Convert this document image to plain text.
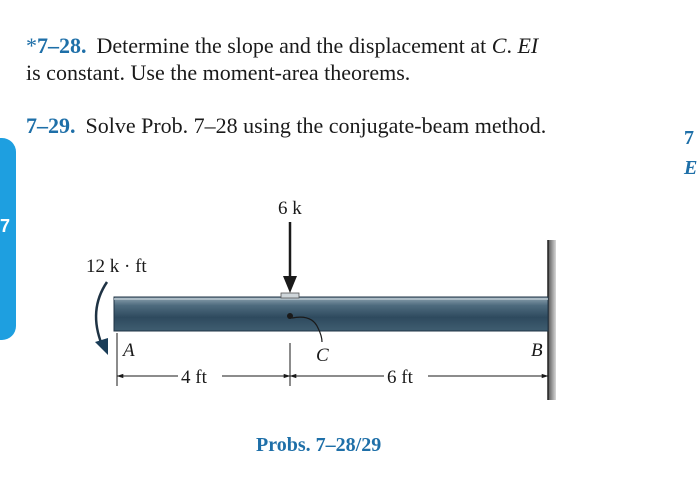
7
7
E
*7–28. Determine the slope and the displacement at C. EI
is constant. Use the moment-area theorems.
7–29. Solve Prob. 7–28 using the conjugate-beam method.
6 k
12 k · ft
C
A	B
4 ft	6 ft
Probs. 7–28/29
